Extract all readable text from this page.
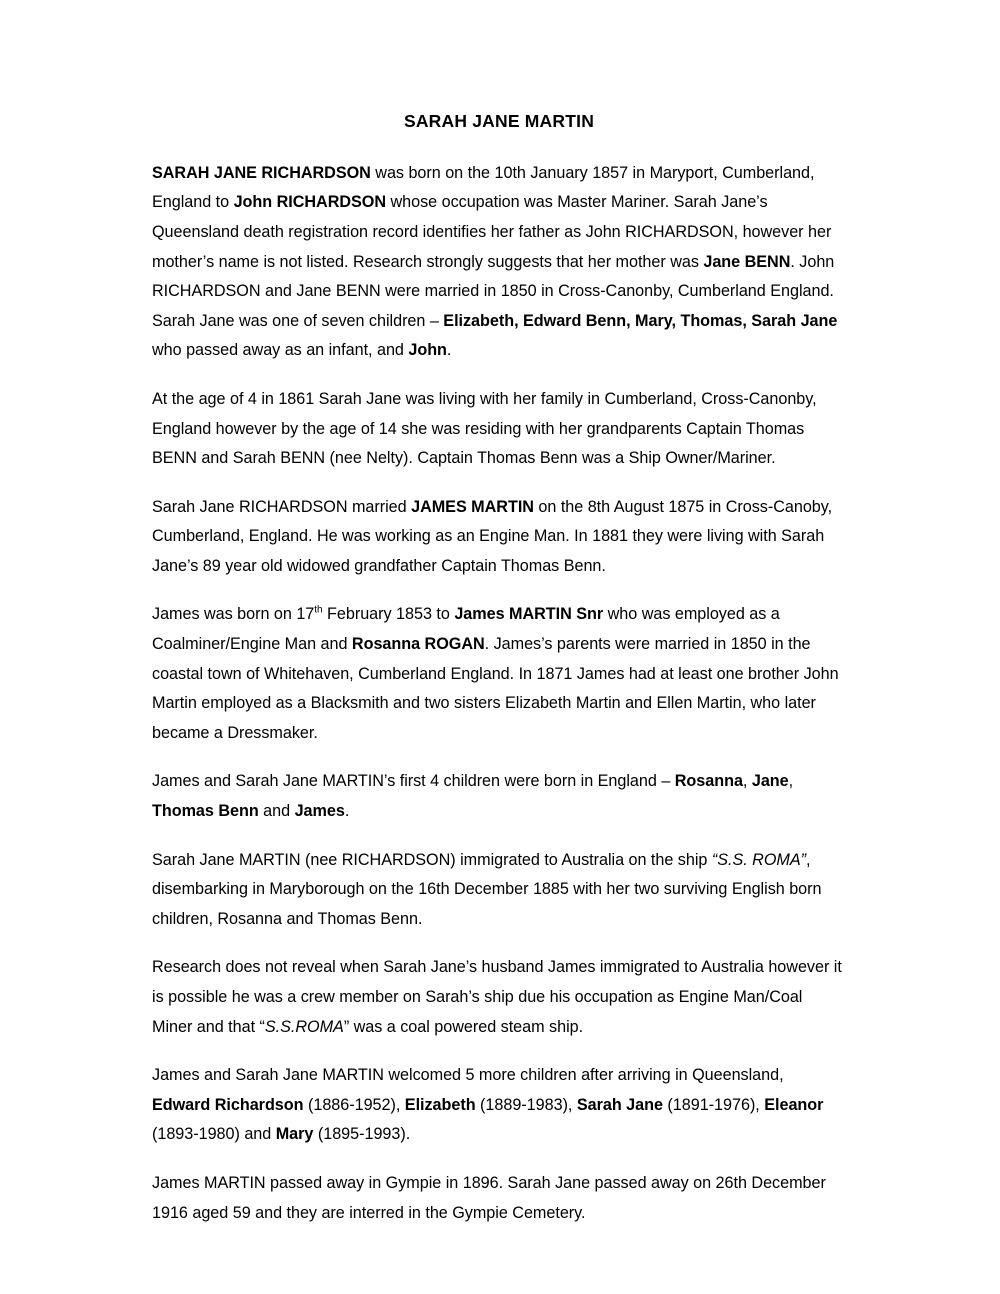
SARAH JANE MARTIN

SARAH JANE RICHARDSON was born on the 10th January 1857 in Maryport, Cumberland, England to John RICHARDSON whose occupation was Master Mariner. Sarah Jane’s Queensland death registration record identifies her father as John RICHARDSON, however her mother’s name is not listed. Research strongly suggests that her mother was Jane BENN. John RICHARDSON and Jane BENN were married in 1850 in Cross-Canonby, Cumberland England. Sarah Jane was one of seven children – Elizabeth, Edward Benn, Mary, Thomas, Sarah Jane who passed away as an infant, and John.

At the age of 4 in 1861 Sarah Jane was living with her family in Cumberland, Cross-Canonby, England however by the age of 14 she was residing with her grandparents Captain Thomas BENN and Sarah BENN (nee Nelty). Captain Thomas Benn was a Ship Owner/Mariner.

Sarah Jane RICHARDSON married JAMES MARTIN on the 8th August 1875 in Cross-Canoby, Cumberland, England. He was working as an Engine Man. In 1881 they were living with Sarah Jane’s 89 year old widowed grandfather Captain Thomas Benn.

James was born on 17th February 1853 to James MARTIN Snr who was employed as a Coalminer/Engine Man and Rosanna ROGAN. James’s parents were married in 1850 in the coastal town of Whitehaven, Cumberland England. In 1871 James had at least one brother John Martin employed as a Blacksmith and two sisters Elizabeth Martin and Ellen Martin, who later became a Dressmaker.

James and Sarah Jane MARTIN’s first 4 children were born in England – Rosanna, Jane, Thomas Benn and James.

Sarah Jane MARTIN (nee RICHARDSON) immigrated to Australia on the ship “S.S. ROMA”, disembarking in Maryborough on the 16th December 1885 with her two surviving English born children, Rosanna and Thomas Benn.

Research does not reveal when Sarah Jane’s husband James immigrated to Australia however it is possible he was a crew member on Sarah’s ship due his occupation as Engine Man/Coal Miner and that “S.S.ROMA” was a coal powered steam ship.

James and Sarah Jane MARTIN welcomed 5 more children after arriving in Queensland, Edward Richardson (1886-1952), Elizabeth (1889-1983), Sarah Jane (1891-1976), Eleanor (1893-1980) and Mary (1895-1993).

James MARTIN passed away in Gympie in 1896. Sarah Jane passed away on 26th December 1916 aged 59 and they are interred in the Gympie Cemetery.
